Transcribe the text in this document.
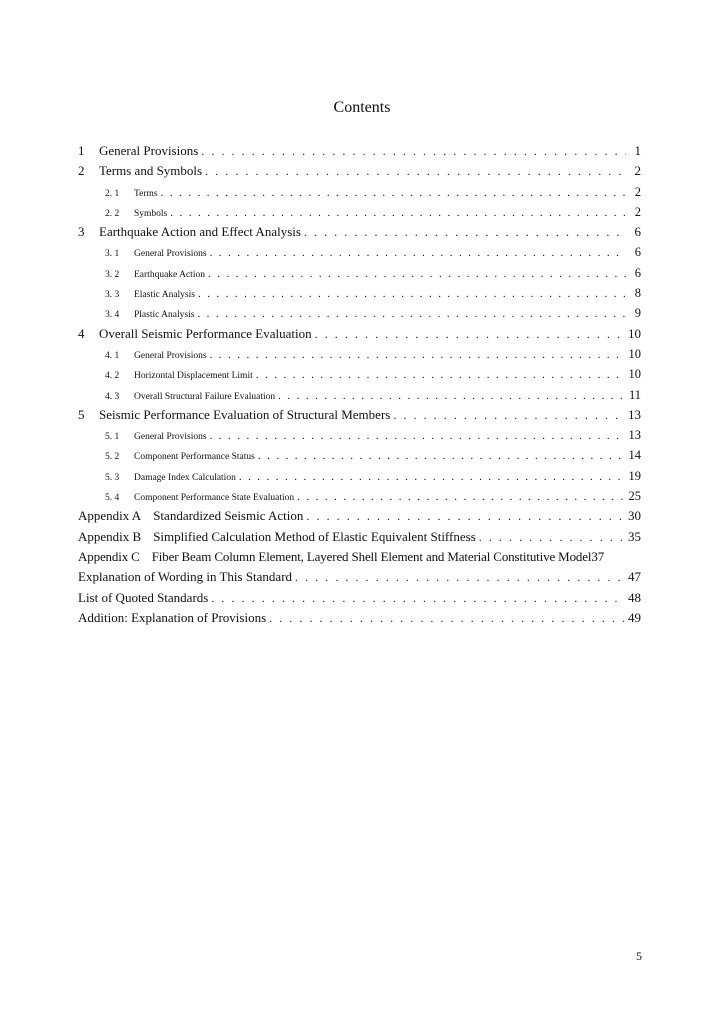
Contents
1	General Provisions . . .	1
2	Terms and Symbols . . .	2
2. 1	Terms . . .	2
2. 2	Symbols . . .	2
3	Earthquake Action and Effect Analysis . . .	6
3. 1	General Provisions . . .	6
3. 2	Earthquake Action . . .	6
3. 3	Elastic Analysis . . .	8
3. 4	Plastic Analysis . . .	9
4	Overall Seismic Performance Evaluation . . .	10
4. 1	General Provisions . . .	10
4. 2	Horizontal Displacement Limit . . .	10
4. 3	Overall Structural Failure Evaluation . . .	11
5	Seismic Performance Evaluation of Structural Members . . .	13
5. 1	General Provisions . . .	13
5. 2	Component Performance Status . . .	14
5. 3	Damage Index Calculation . . .	19
5. 4	Component Performance State Evaluation . . .	25
Appendix A Standardized Seismic Action . . .	30
Appendix B Simplified Calculation Method of Elastic Equivalent Stiffness . . .	35
Appendix C Fiber Beam Column Element, Layered Shell Element and Material Constitutive Model 37
Explanation of Wording in This Standard . . .	47
List of Quoted Standards . . .	48
Addition: Explanation of Provisions . . .	49
5
